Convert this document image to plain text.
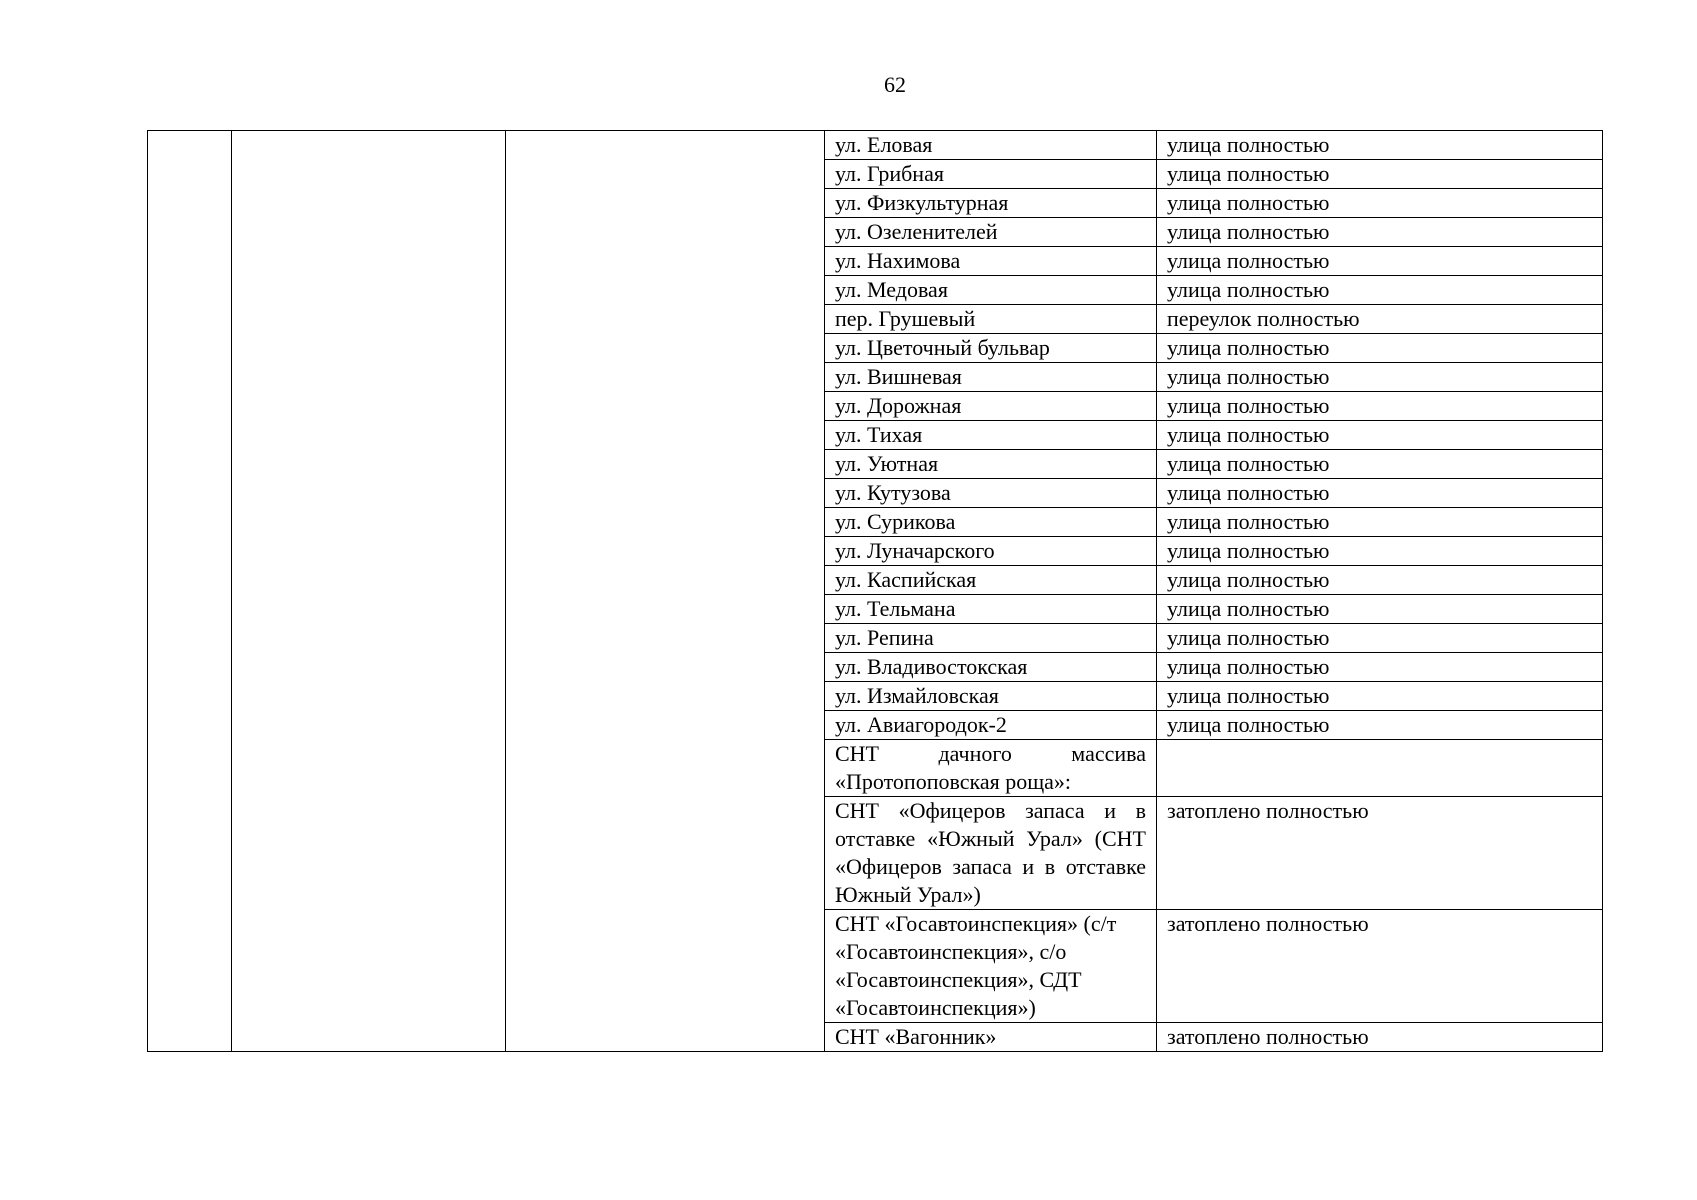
62
			ул. Еловая	улица полностью
			ул. Грибная	улица полностью
			ул. Физкультурная	улица полностью
			ул. Озеленителей	улица полностью
			ул. Нахимова	улица полностью
			ул. Медовая	улица полностью
			пер. Грушевый	переулок полностью
			ул. Цветочный бульвар	улица полностью
			ул. Вишневая	улица полностью
			ул. Дорожная	улица полностью
			ул. Тихая	улица полностью
			ул. Уютная	улица полностью
			ул. Кутузова	улица полностью
			ул. Сурикова	улица полностью
			ул. Луначарского	улица полностью
			ул. Каспийская	улица полностью
			ул. Тельмана	улица полностью
			ул. Репина	улица полностью
			ул. Владивостокская	улица полностью
			ул. Измайловская	улица полностью
			ул. Авиагородок-2	улица полностью
			СНТ дачного массива «Протопоповская роща»:	
			СНТ «Офицеров запаса и в отставке «Южный Урал» (СНТ «Офицеров запаса и в отставке Южный Урал»)	затоплено полностью
			СНТ «Госавтоинспекция» (с/т «Госавтоинспекция», с/о «Госавтоинспекция», СДТ «Госавтоинспекция»)	затоплено полностью
			СНТ «Вагонник»	затоплено полностью
